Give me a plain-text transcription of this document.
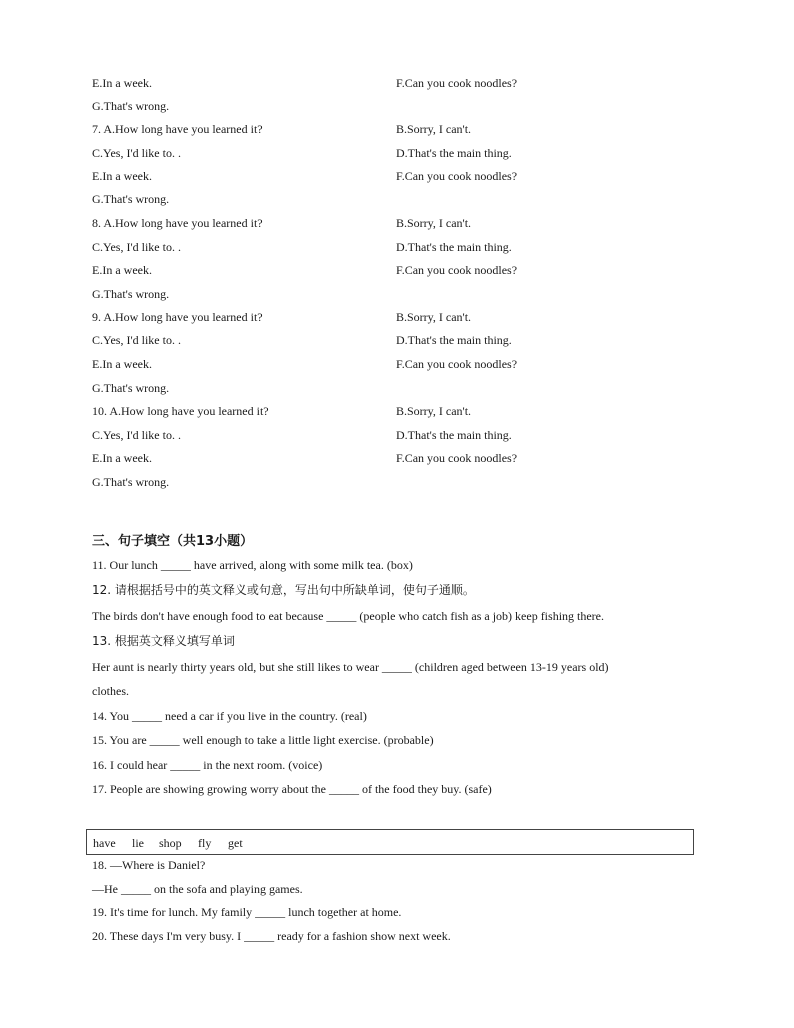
E.In a week.	F.Can you cook noodles?
G.That's wrong.
7. A.How long have you learned it?	B.Sorry, I can't.
C.Yes, I'd like to. .	D.That's the main thing.
E.In a week.	F.Can you cook noodles?
G.That's wrong.
8. A.How long have you learned it?	B.Sorry, I can't.
C.Yes, I'd like to. .	D.That's the main thing.
E.In a week.	F.Can you cook noodles?
G.That's wrong.
9. A.How long have you learned it?	B.Sorry, I can't.
C.Yes, I'd like to. .	D.That's the main thing.
E.In a week.	F.Can you cook noodles?
G.That's wrong.
10. A.How long have you learned it?	B.Sorry, I can't.
C.Yes, I'd like to. .	D.That's the main thing.
E.In a week.	F.Can you cook noodles?
G.That's wrong.
三、句子填空（共13小题）
11. Our lunch _____ have arrived, along with some milk tea. (box)
12. 请根据括号中的英文释义或句意，写出句中所缺单词，使句子通顺。
The birds don't have enough food to eat because _____ (people who catch fish as a job) keep fishing there.
13. 根据英文释义填写单词
Her aunt is nearly thirty years old, but she still likes to wear _____ (children aged between 13-19 years old)
clothes.
14. You _____ need a car if you live in the country. (real)
15. You are _____ well enough to take a little light exercise. (probable)
16. I could hear _____ in the next room. (voice)
17. People are showing growing worry about the _____ of the food they buy. (safe)
have lie shop fly get
18. —Where is Daniel?
—He _____ on the sofa and playing games.
19. It's time for lunch. My family _____ lunch together at home.
20. These days I'm very busy. I _____ ready for a fashion show next week.
